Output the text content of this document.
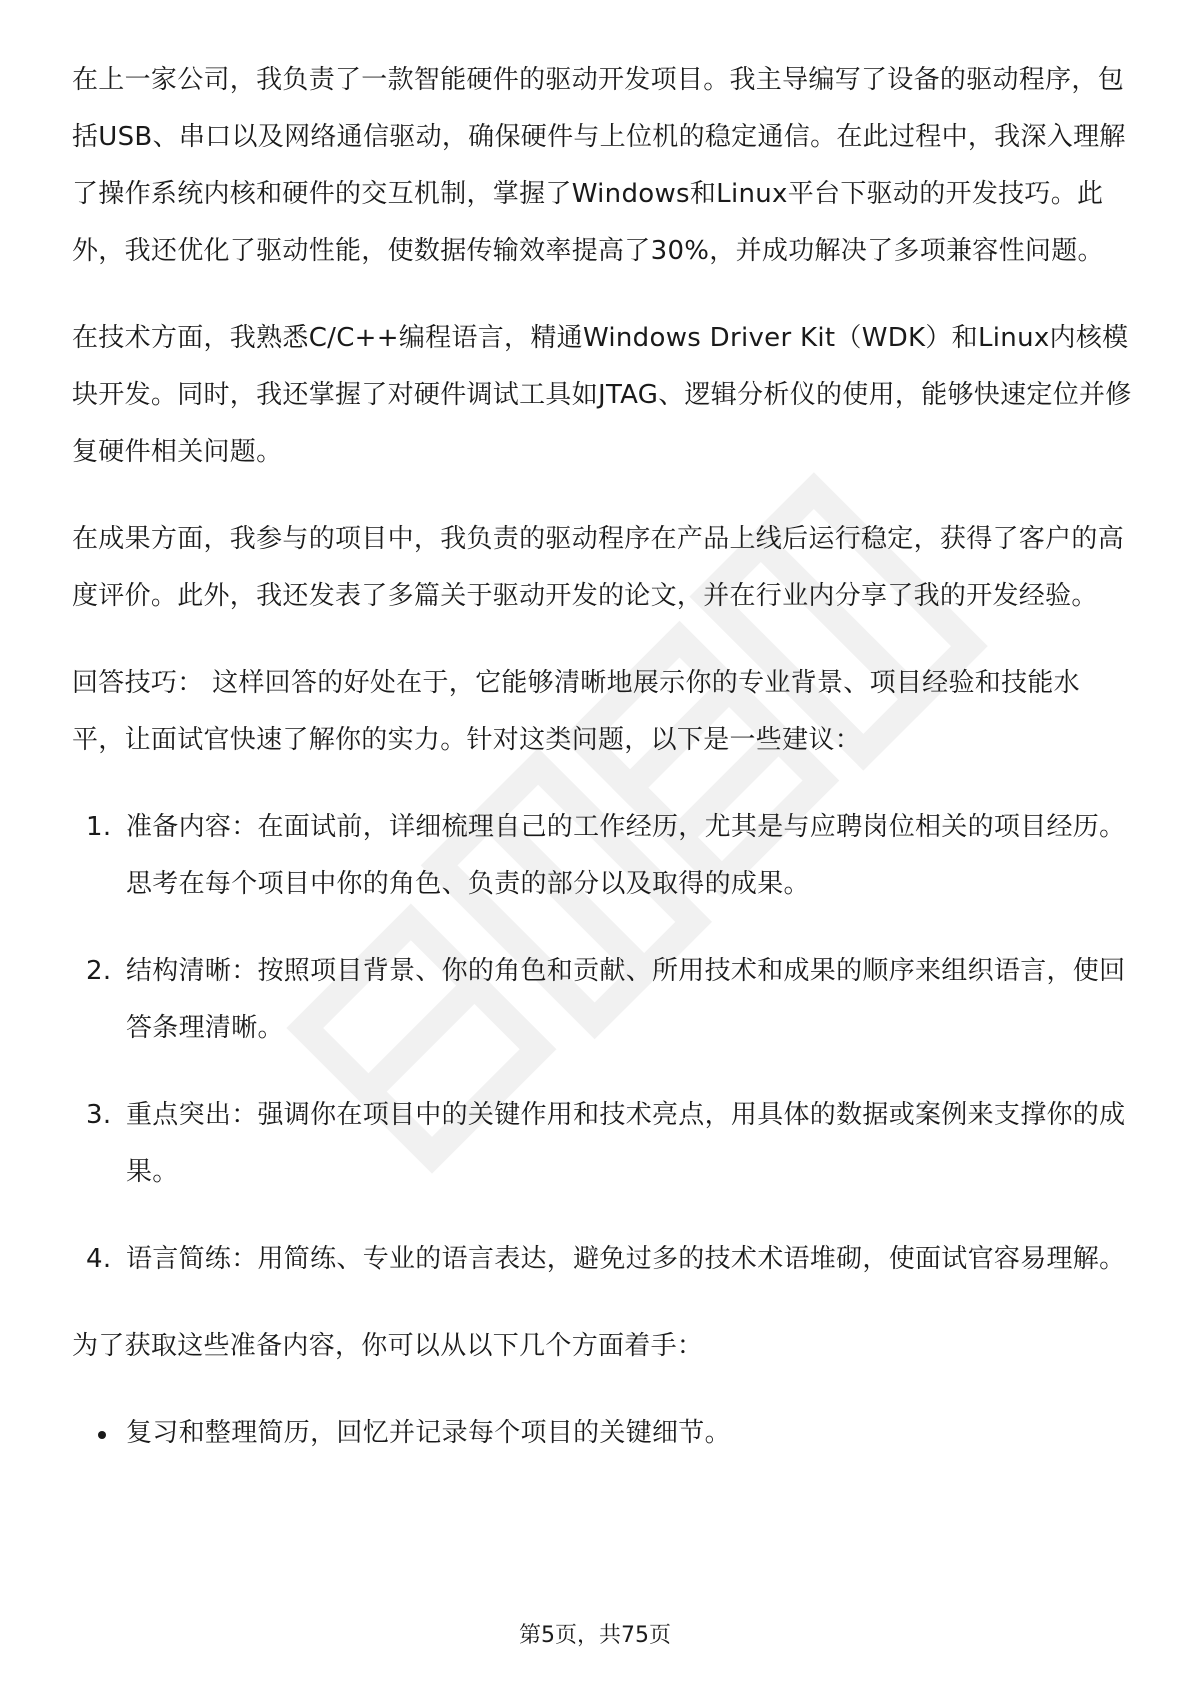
在上一家公司，我负责了一款智能硬件的驱动开发项目。我主导编写了设备的驱动程序，包括USB、串口以及网络通信驱动，确保硬件与上位机的稳定通信。在此过程中，我深入理解了操作系统内核和硬件的交互机制，掌握了Windows和Linux平台下驱动的开发技巧。此外，我还优化了驱动性能，使数据传输效率提高了30%，并成功解决了多项兼容性问题。

在技术方面，我熟悉C/C++编程语言，精通Windows Driver Kit（WDK）和Linux内核模块开发。同时，我还掌握了对硬件调试工具如JTAG、逻辑分析仪的使用，能够快速定位并修复硬件相关问题。

在成果方面，我参与的项目中，我负责的驱动程序在产品上线后运行稳定，获得了客户的高度评价。此外，我还发表了多篇关于驱动开发的论文，并在行业内分享了我的开发经验。

回答技巧： 这样回答的好处在于，它能够清晰地展示你的专业背景、项目经验和技能水平，让面试官快速了解你的实力。针对这类问题，以下是一些建议：

1. 准备内容：在面试前，详细梳理自己的工作经历，尤其是与应聘岗位相关的项目经历。思考在每个项目中你的角色、负责的部分以及取得的成果。
2. 结构清晰：按照项目背景、你的角色和贡献、所用技术和成果的顺序来组织语言，使回答条理清晰。
3. 重点突出：强调你在项目中的关键作用和技术亮点，用具体的数据或案例来支撑你的成果。
4. 语言简练：用简练、专业的语言表达，避免过多的技术术语堆砌，使面试官容易理解。

为了获取这些准备内容，你可以从以下几个方面着手：

复习和整理简历，回忆并记录每个项目的关键细节。
第5页，共75页
